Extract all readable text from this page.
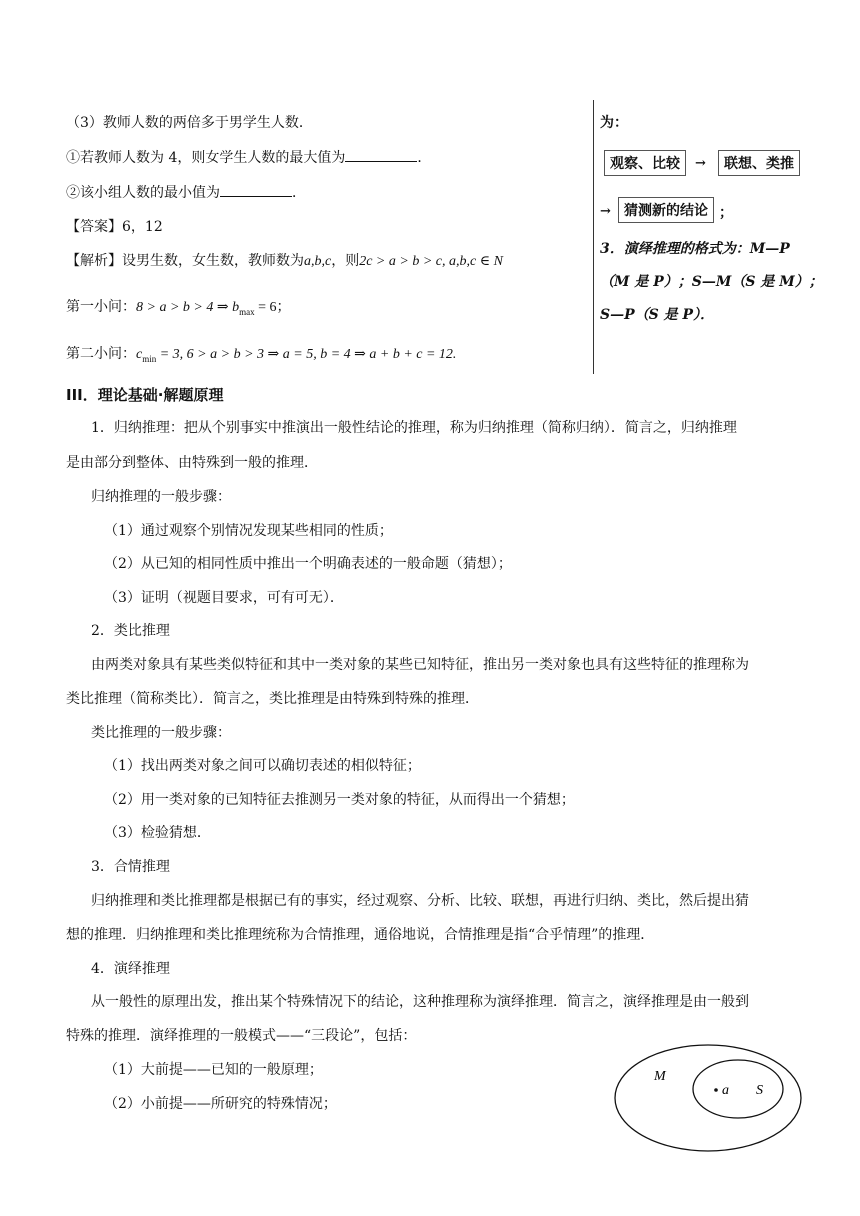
（3）教师人数的两倍多于男学生人数．
①若教师人数为 4，则女学生人数的最大值为	．
②该小组人数的最小值为	．
【答案】6，12
【解析】设男生数，女生数，教师数为a,b,c，则2c > a > b > c, a,b,c ∈ N
第一小问：8 > a > b > 4 ⇒ $b_{max} = 6$；
第二小问：$c_{min} = 3$, 6 > a > b > 3 ⇒ a = 5, b = 4 ⇒ a + b + c = 12.
为：
观察、比较	→	联想、类推
→ 猜测新的结论 ；
3．演绎推理的格式为：M—P
（M 是 P）；S—M（S 是 M）；
S—P（S 是 P）．
III．理论基础·解题原理
1．归纳推理：把从个别事实中推演出一般性结论的推理，称为归纳推理（简称归纳）．简言之，归纳推理
是由部分到整体、由特殊到一般的推理．
归纳推理的一般步骤：
（1）通过观察个别情况发现某些相同的性质；
（2）从已知的相同性质中推出一个明确表述的一般命题（猜想）；
（3）证明（视题目要求，可有可无）．
2．类比推理
由两类对象具有某些类似特征和其中一类对象的某些已知特征，推出另一类对象也具有这些特征的推理称为
类比推理（简称类比）．简言之，类比推理是由特殊到特殊的推理．
类比推理的一般步骤：
（1）找出两类对象之间可以确切表述的相似特征；
（2）用一类对象的已知特征去推测另一类对象的特征，从而得出一个猜想；
（3）检验猜想．
3．合情推理
归纳推理和类比推理都是根据已有的事实，经过观察、分析、比较、联想，再进行归纳、类比，然后提出猜
想的推理．归纳推理和类比推理统称为合情推理，通俗地说，合情推理是指“合乎情理”的推理．
4．演绎推理
从一般性的原理出发，推出某个特殊情况下的结论，这种推理称为演绎推理．简言之，演绎推理是由一般到
特殊的推理．演绎推理的一般模式——“三段论”，包括：
（1）大前提——已知的一般原理；
（2）小前提——所研究的特殊情况；
M
a S
